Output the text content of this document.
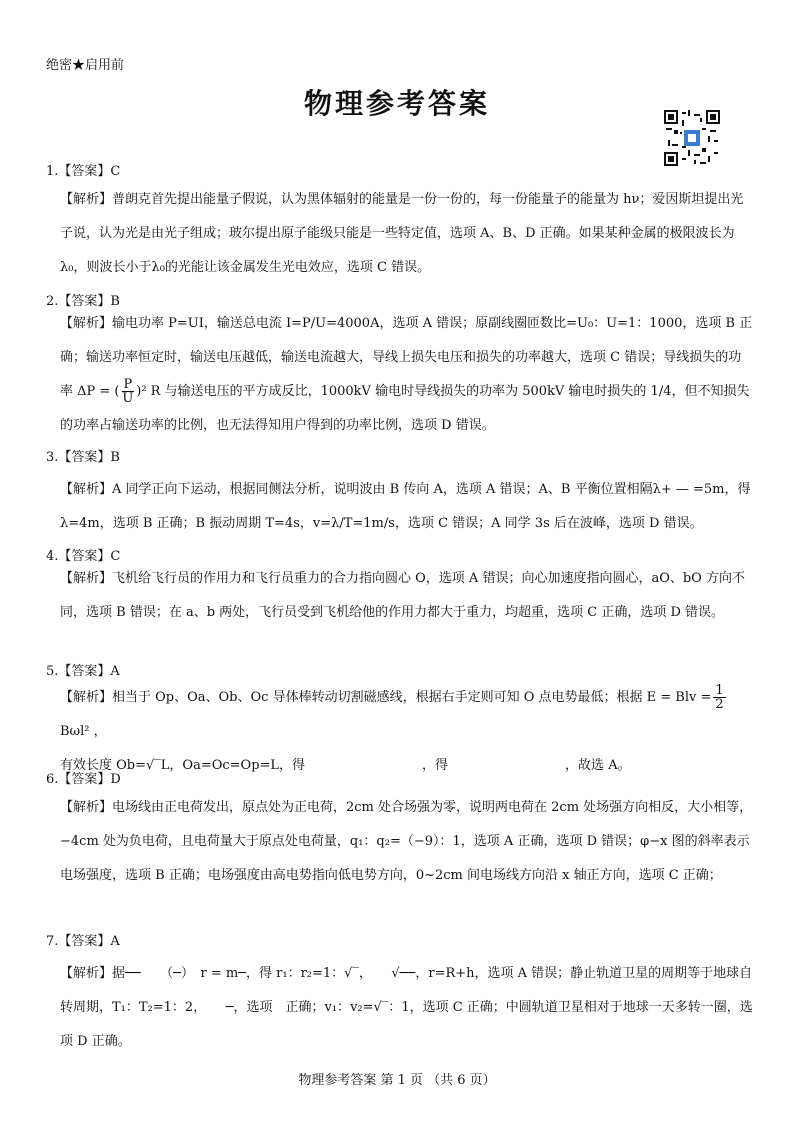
绝密★启用前
物理参考答案
1.【答案】C
【解析】普朗克首先提出能量子假说，认为黑体辐射的能量是一份一份的，每一份能量子的能量为 hν；爱因斯坦提出光子说，认为光是由光子组成；玻尔提出原子能级只能是一些特定值，选项 A、B、D 正确。如果某种金属的极限波长为λ₀，则波长小于λ₀的光能让该金属发生光电效应，选项 C 错误。
2.【答案】B
【解析】输电功率 P=UI，输送总电流 I=P/U=4000A，选项 A 错误；原副线圈匝数比=U₀：U=1：1000，选项 B 正确；输送功率恒定时，输送电压越低，输送电流越大，导线上损失电压和损失的功率越大，选项 C 错误；导线损失的功率 ΔP = ( $\frac{P}{U} )^2$ R 与输送电压的平方成反比，1000kV 输电时导线损失的功率为 500kV 输电时损失的 1/4，但不知损失的功率占输送功率的比例，也无法得知用户得到的功率比例，选项 D 错误。
3.【答案】B
【解析】A 同学正向下运动，根据同侧法分析，说明波由 B 传向 A，选项 A 错误；A、B 平衡位置相隔λ+ — =5m，得λ=4m，选项 B 正确；B 振动周期 T=4s，v=λ/T=1m/s，选项 C 错误；A 同学 3s 后在波峰，选项 D 错误。
4.【答案】C
【解析】飞机给飞行员的作用力和飞行员重力的合力指向圆心 O，选项 A 错误；向心加速度指向圆心，aO、bO 方向不同，选项 B 错误；在 a、b 两处，飞行员受到飞机给他的作用力都大于重力，均超重，选项 C 正确，选项 D 错误。
5.【答案】A
【解析】相当于 Op、Oa、Ob、Oc 导体棒转动切割磁感线，根据右手定则可知 O 点电势最低；根据 E = Blv = $\frac{1}{2}$
Bωl² ，
有效长度 Ob=√‾L，Oa=Oc=Op=L，得　　　　　　　　　，得　　　　　　　　　，故选 A。
6.【答案】D
【解析】电场线由正电荷发出，原点处为正电荷，2cm 处合场强为零，说明两电荷在 2cm 处场强方向相反，大小相等，−4cm 处为负电荷，且电荷量大于原点处电荷量，q₁：q₂=（−9）：1，选项 A 正确，选项 D 错误；φ−x 图的斜率表示电场强度，选项 B 正确；电场强度由高电势指向低电势方向，0~2cm 间电场线方向沿 x 轴正方向，选项 C 正确；
7.【答案】A
【解析】据──　　（─）　r = m─，得 r₁：r₂=1：√‾，　　√──，r=R+h，选项 A 错误；静止轨道卫星的周期等于地球自转周期，T₁：T₂=1：2，　　─，选项　正确；v₁：v₂=√‾：1，选项 C 正确；中圆轨道卫星相对于地球一天多转一圈，选项 D 正确。
物理参考答案 第 1 页 （共 6 页）
